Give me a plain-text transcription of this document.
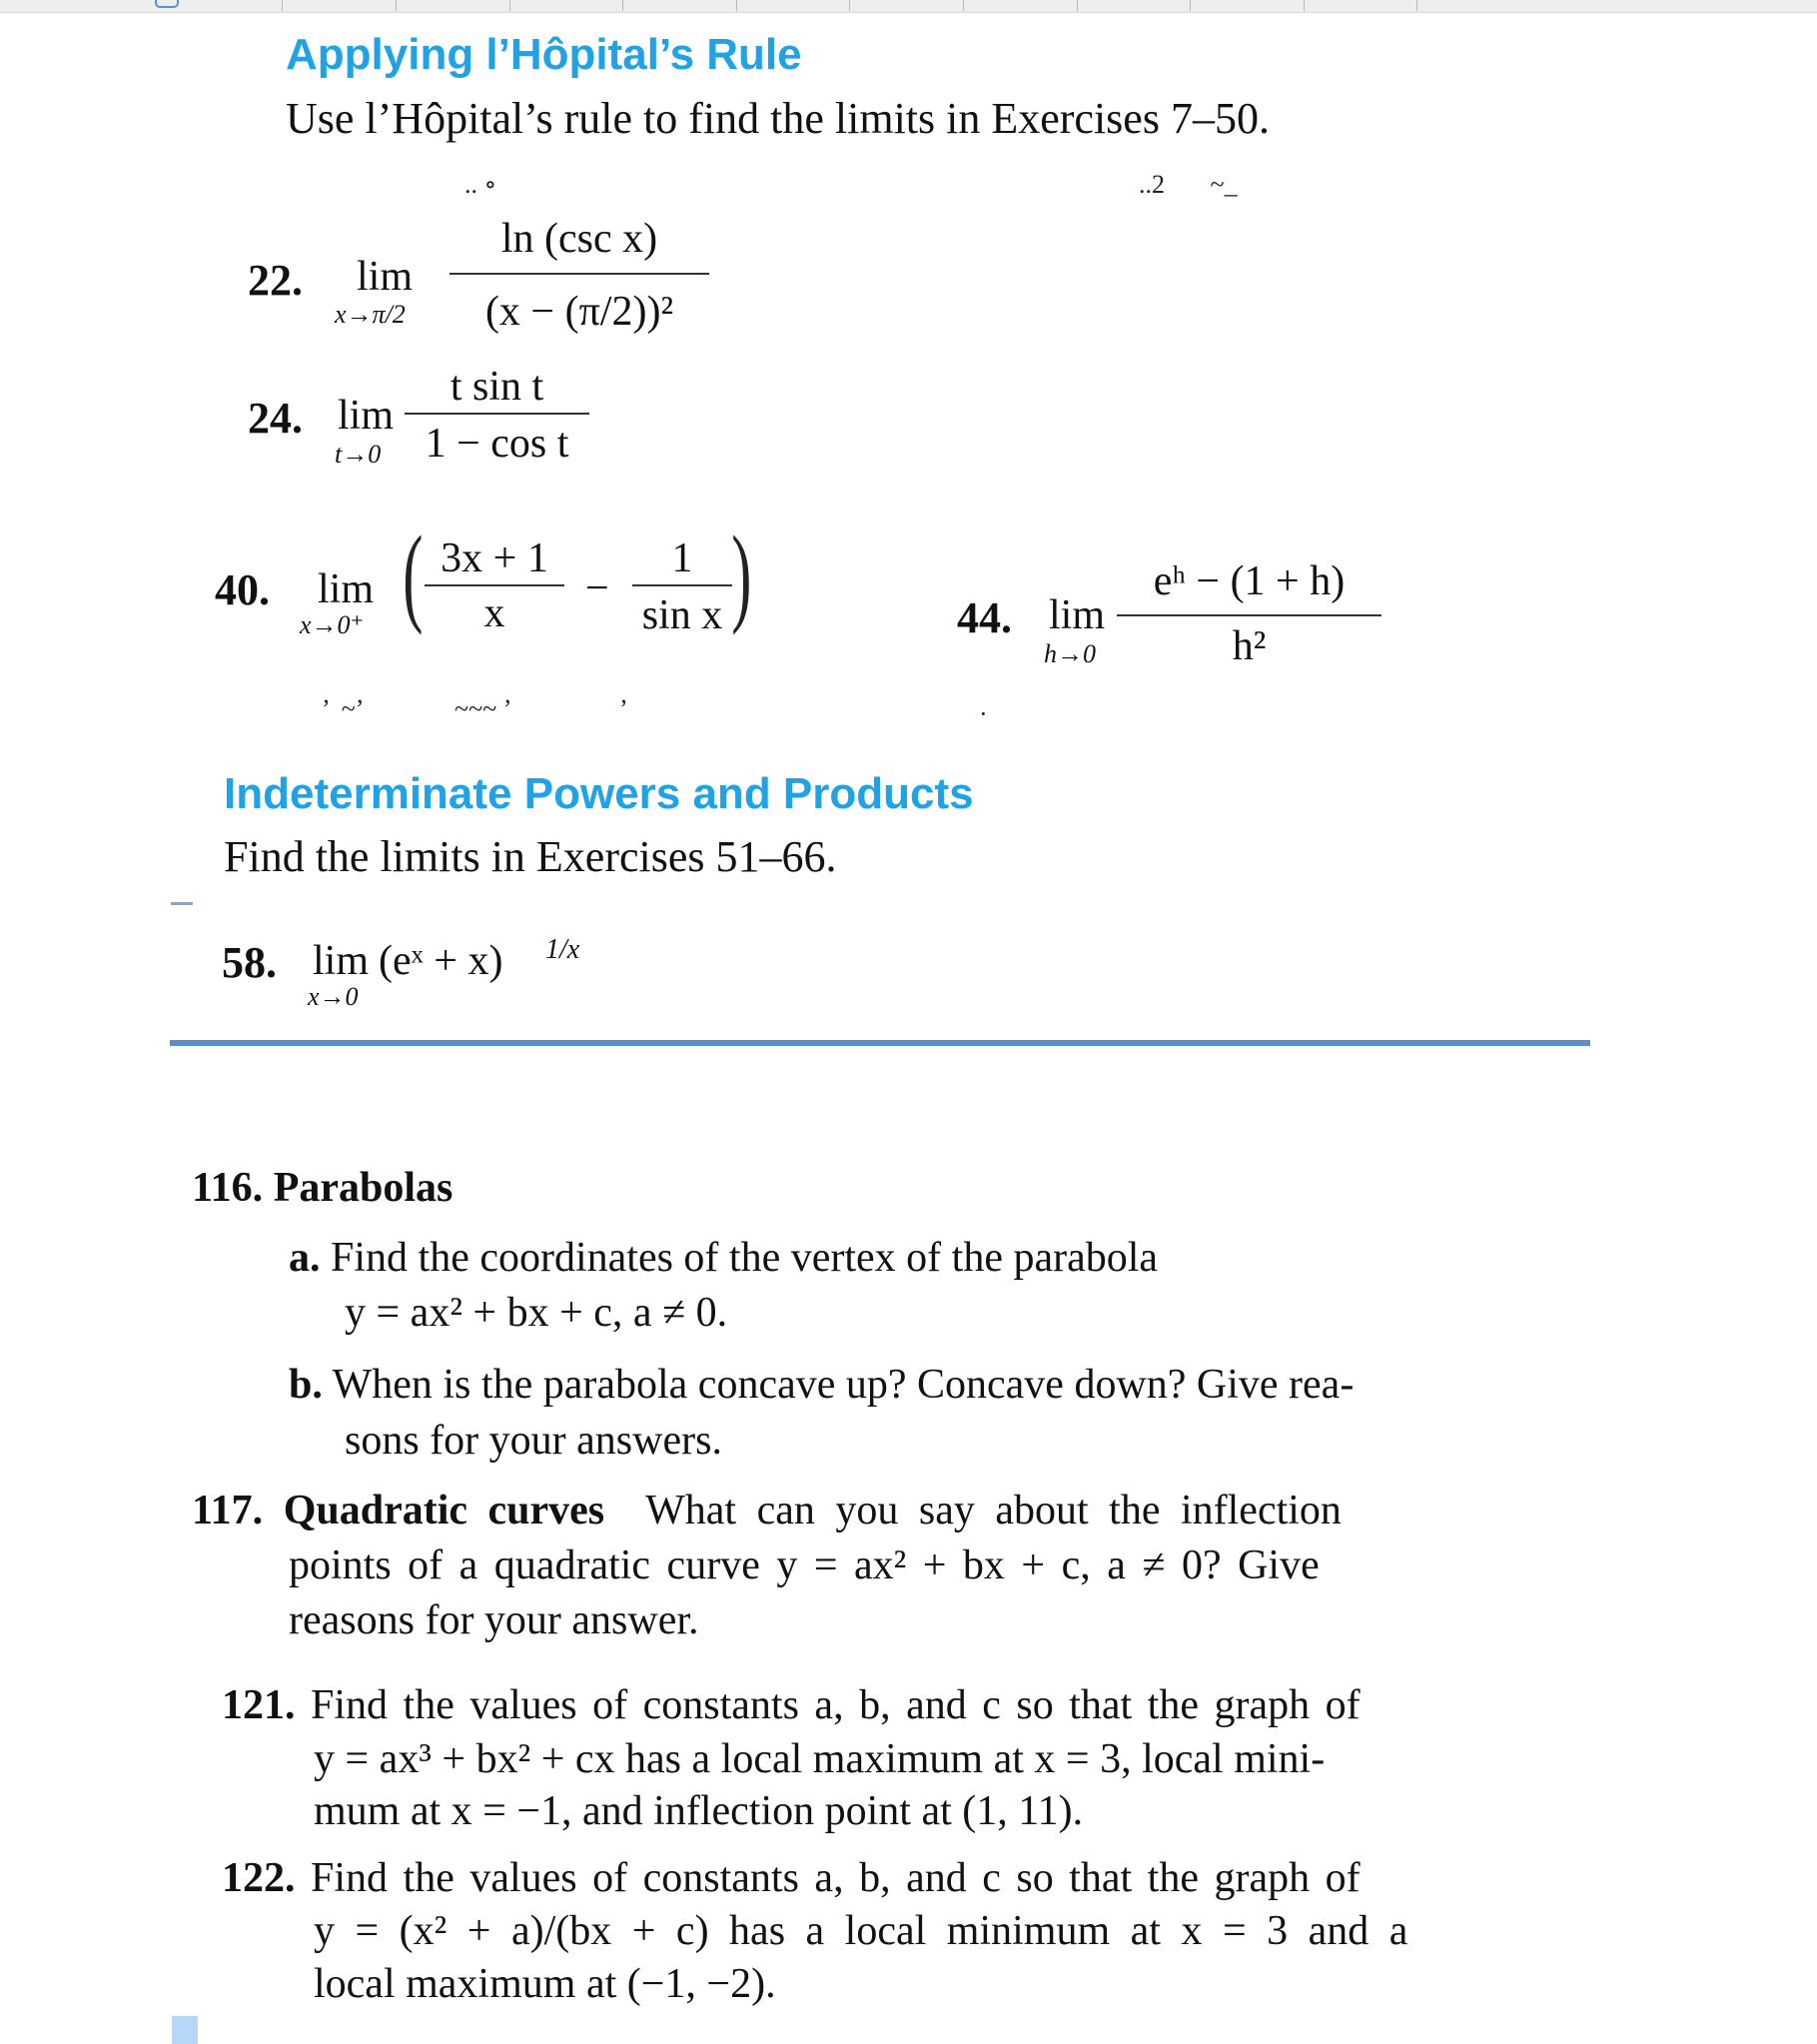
Applying l’Hôpital’s Rule
Use l’Hôpital’s rule to find the limits in Exercises 7–50.
.. ∘	..2       ~_
22. lim
x→π/2
ln (csc x)
(x − (π/2))²
24. lim
t→0
t sin t
1 − cos t
40. lim
x→0⁺ ( 3x + 1
x
−
1
sin x )	44. lim
h→0
eʰ − (1 + h)
h²
’  ~’	~~~ ’	’	·
Indeterminate Powers and Products
Find the limits in Exercises 51–66.
58. lim
x→0
(eˣ + x) 1/x
116. Parabolas
a. Find the coordinates of the vertex of the parabola
y = ax² + bx + c, a ≠ 0.
b. When is the parabola concave up? Concave down? Give rea-
sons for your answers.
117. Quadratic curves What can you say about the inflection
points of a quadratic curve y = ax² + bx + c, a ≠ 0? Give
reasons for your answer.
121. Find the values of constants a, b, and c so that the graph of
y = ax³ + bx² + cx has a local maximum at x = 3, local mini-
mum at x = −1, and inflection point at (1, 11).
122. Find the values of constants a, b, and c so that the graph of
y = (x² + a)/(bx + c) has a local minimum at x = 3 and a
local maximum at (−1, −2).
